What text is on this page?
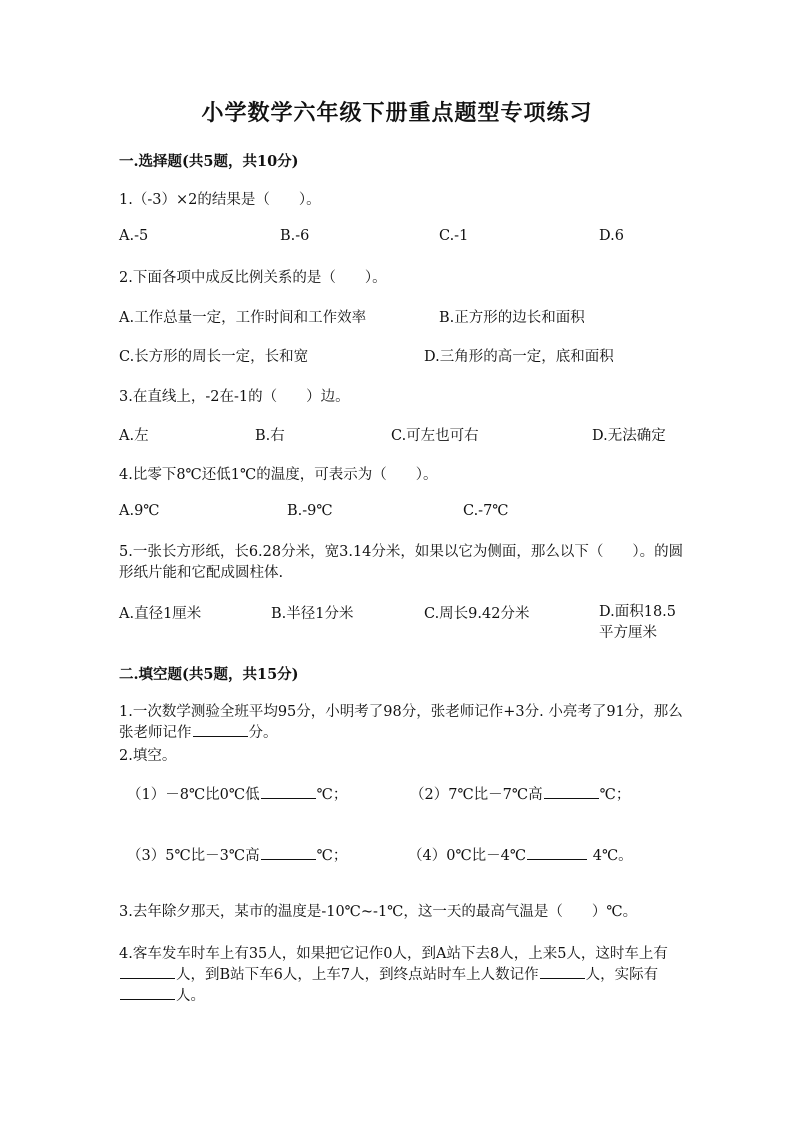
小学数学六年级下册重点题型专项练习
一.选择题(共5题，共10分)
1.（-3）×2的结果是（　　）。
A.-5	B.-6	C.-1	D.6
2.下面各项中成反比例关系的是（　　）。
A.工作总量一定，工作时间和工作效率	B.正方形的边长和面积
C.长方形的周长一定，长和宽	D.三角形的高一定，底和面积
3.在直线上，-2在-1的（　　）边。
A.左	B.右	C.可左也可右	D.无法确定
4.比零下8℃还低1℃的温度，可表示为（　　）。
A.9℃	B.-9℃	C.-7℃
5.一张长方形纸，长6.28分米，宽3.14分米，如果以它为侧面，那么以下（　　）。的圆形纸片能和它配成圆柱体.
A.直径1厘米	B.半径1分米	C.周长9.42分米	D.面积18.5平方厘米
二.填空题(共5题，共15分)
1.一次数学测验全班平均95分，小明考了98分，张老师记作+3分. 小亮考了91分，那么张老师记作	分。
2.填空。
（1）－8℃比0℃低	℃；	（2）7℃比－7℃高	℃；
（3）5℃比－3℃高	℃；	（4）0℃比－4℃	4℃。
3.去年除夕那天，某市的温度是-10℃~-1℃，这一天的最高气温是（　　）℃。
4.客车发车时车上有35人，如果把它记作0人，到A站下去8人，上来5人，这时车上有人，到B站下车6人，上车7人，到终点站时车上人数记作	人，实际有人。
